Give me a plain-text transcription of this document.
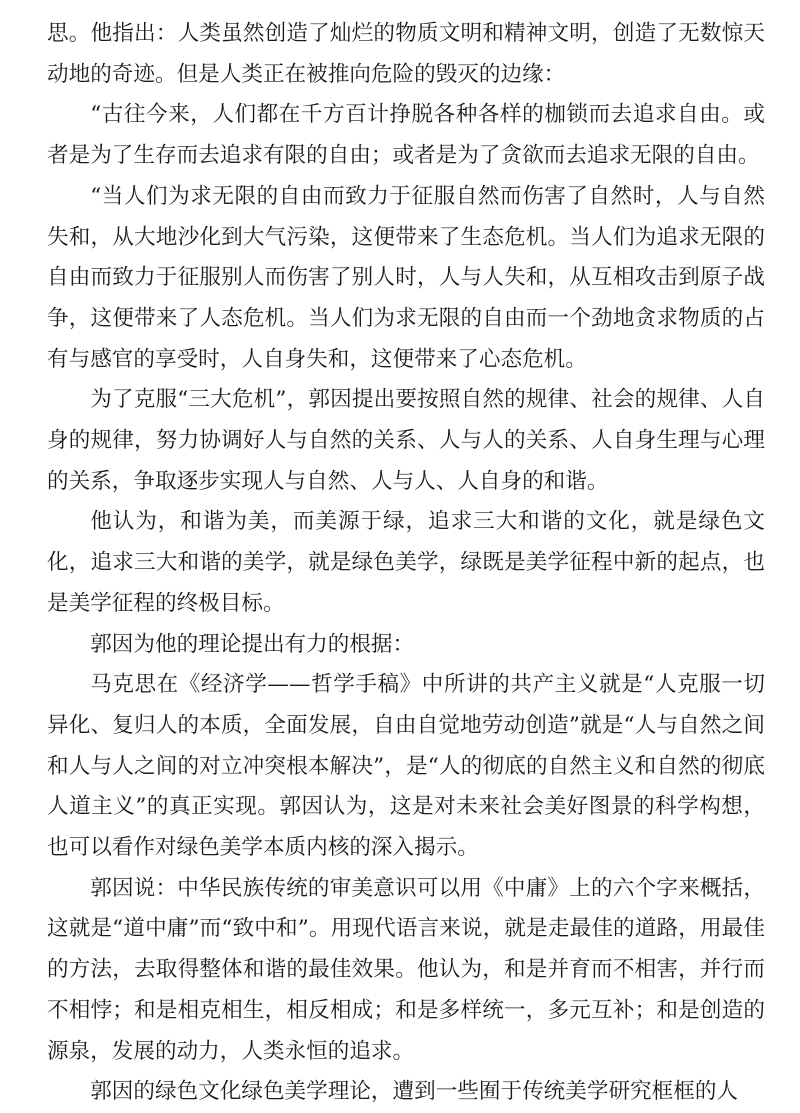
思。他指出：人类虽然创造了灿烂的物质文明和精神文明，创造了无数惊天动地的奇迹。但是人类正在被推向危险的毁灭的边缘：

“古往今来，人们都在千方百计挣脱各种各样的枷锁而去追求自由。或者是为了生存而去追求有限的自由；或者是为了贪欲而去追求无限的自由。

“当人们为求无限的自由而致力于征服自然而伤害了自然时，人与自然失和，从大地沙化到大气污染，这便带来了生态危机。当人们为追求无限的自由而致力于征服别人而伤害了别人时，人与人失和，从互相攻击到原子战争，这便带来了人态危机。当人们为求无限的自由而一个劲地贪求物质的占有与感官的享受时，人自身失和，这便带来了心态危机。

为了克服“三大危机”，郭因提出要按照自然的规律、社会的规律、人自身的规律，努力协调好人与自然的关系、人与人的关系、人自身生理与心理的关系，争取逐步实现人与自然、人与人、人自身的和谐。

他认为，和谐为美，而美源于绿，追求三大和谐的文化，就是绿色文化，追求三大和谐的美学，就是绿色美学，绿既是美学征程中新的起点，也是美学征程的终极目标。

郭因为他的理论提出有力的根据：

马克思在《经济学——哲学手稿》中所讲的共产主义就是“人克服一切异化、复归人的本质，全面发展，自由自觉地劳动创造”就是“人与自然之间和人与人之间的对立冲突根本解决”，是“人的彻底的自然主义和自然的彻底人道主义”的真正实现。郭因认为，这是对未来社会美好图景的科学构想，也可以看作对绿色美学本质内核的深入揭示。

郭因说：中华民族传统的审美意识可以用《中庸》上的六个字来概括，这就是“道中庸”而“致中和”。用现代语言来说，就是走最佳的道路，用最佳的方法，去取得整体和谐的最佳效果。他认为，和是并育而不相害，并行而不相悖；和是相克相生，相反相成；和是多样统一，多元互补；和是创造的源泉，发展的动力，人类永恒的追求。

郭因的绿色文化绿色美学理论，遭到一些囿于传统美学研究框框的人
